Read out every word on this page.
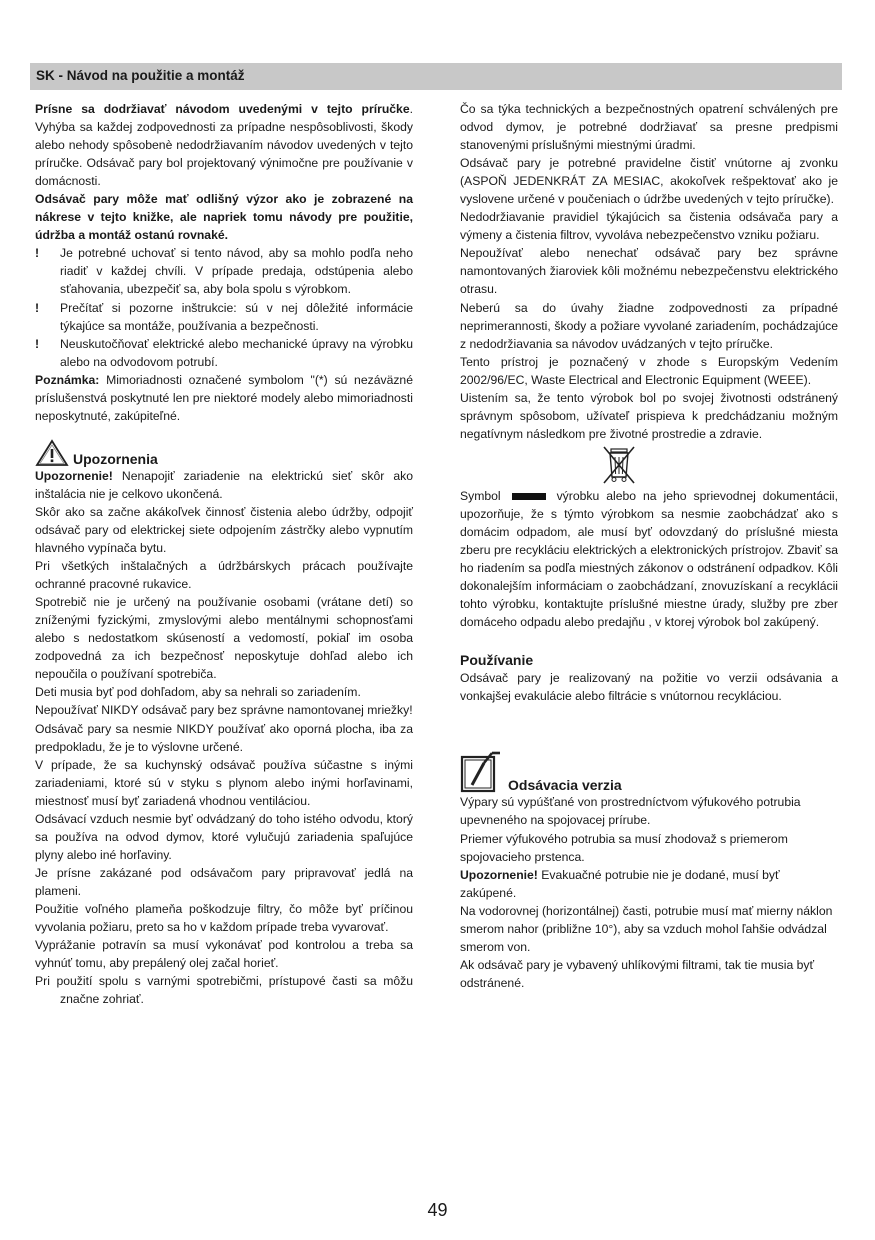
SK - Návod na použitie a montáž

Prísne sa dodržiavať návodom uvedenými v tejto príručke. Vyhýba sa každej zodpovednosti za prípadne nespôsoblivosti, škody alebo nehody spôsobenè nedodržiavaním návodov uvedených v tejto príručke. Odsávač pary bol projektovaný výnimočne pre používanie v domácnosti.

Odsávač pary môže mať odlišný výzor ako je zobrazené na nákrese v tejto knižke, ale napriek tomu návody pre použitie, údržba a montáž ostanú rovnaké.

!	Je potrebné uchovať si tento návod, aby sa mohlo podľa neho riadiť v každej chvíli. V prípade predaja, odstúpenia alebo sťahovania, ubezpečiť sa, aby bola spolu s výrobkom.
!	Prečítať si pozorne inštrukcie: sú v nej dôležité informácie týkajúce sa montáže, používania a bezpečnosti.
!	Neuskutočňovať elektrické alebo mechanické úpravy na výrobku alebo na odvodovom potrubí.

Poznámka: Mimoriadnosti označené symbolom "(*) sú nezáväzné príslušenstvá poskytnuté len pre niektoré modely alebo mimoriadnosti neposkytnuté, zakúpiteľné.

Upozornenia

Upozornenie! Nenapojiť zariadenie na elektrickú sieť skôr ako inštalácia nie je celkovo ukončená.

Skôr ako sa začne akákoľvek činnosť čistenia alebo údržby, odpojiť odsávač pary od elektrickej siete odpojením zástrčky alebo vypnutím hlavného vypínača bytu.

Pri všetkých inštalačných a údržbárskych prácach používajte ochranné pracovné rukavice.

Spotrebič nie je určený na používanie osobami (vrátane detí) so zníženými fyzickými, zmyslovými alebo mentálnymi schopnosťami alebo s nedostatkom skúseností a vedomostí, pokiaľ im osoba zodpovedná za ich bezpečnosť neposkytuje dohľad alebo ich nepoučila o používaní spotrebiča.

Deti musia byť pod dohľadom, aby sa nehrali so zariadením.

Nepoužívať NIKDY odsávač pary bez správne namontovanej mriežky!

Odsávač pary sa nesmie NIKDY používať ako oporná plocha, iba za predpokladu, že je to výslovne určené.

V prípade, že sa kuchynský odsávač používa súčastne s inými zariadeniami, ktoré sú v styku s plynom alebo inými horľavinami, miestnosť musí byť zariadená vhodnou ventiláciou.

Odsávací vzduch nesmie byť odvádzaný do toho istého odvodu, ktorý sa používa na odvod dymov, ktoré vylučujú zariadenia spaľujúce plyny alebo iné horľaviny.

Je prísne zakázané pod odsávačom pary pripravovať jedlá na plameni.

Použitie voľného plameňa poškodzuje filtry, čo môže byť príčinou vyvolania požiaru, preto sa ho v každom prípade treba vyvarovať.

Vyprážanie potravín sa musí vykonávať pod kontrolou a treba sa vyhnúť tomu, aby prepálený olej začal horieť.

Pri použití spolu s varnými spotrebičmi, prístupové časti sa môžu značne zohriať.

Čo sa týka technických a bezpečnostných opatrení schválených pre odvod dymov, je potrebné dodržiavať sa presne predpismi stanovenými príslušnými miestnými úradmi.

Odsávač pary je potrebné pravidelne čistiť vnútorne aj zvonku (ASPOŇ JEDENKRÁT ZA MESIAC, akokoľvek rešpektovať ako je vyslovene určené v poučeniach o údržbe uvedených v tejto príručke).

Nedodržiavanie pravidiel týkajúcich sa čistenia odsávača pary a výmeny a čistenia filtrov, vyvoláva nebezpečenstvo vzniku požiaru.

Nepoužívať alebo nenechať odsávač pary bez správne namontovaných žiaroviek kôli možnému nebezpečenstvu elektrického otrasu.

Neberú sa do úvahy žiadne zodpovednosti za prípadné neprimerannosti, škody a požiare vyvolané zariadením, pochádzajúce z nedodržiavania sa návodov uvádzaných v tejto príručke.

Tento prístroj je poznačený v zhode s Europským Vedením 2002/96/EC, Waste Electrical and Electronic Equipment (WEEE).

Uistením sa, že tento výrobok bol po svojej životnosti odstránený správnym spôsobom, užívateľ prispieva k predchádzaniu možným negatívnym následkom pre životné prostredie a zdravie.

Symbol	výrobku alebo na jeho sprievodnej dokumentácii, upozorňuje, že s týmto výrobkom sa nesmie zaobchádzať ako s domácim odpadom, ale musí byť odovzdaný do príslušné miesta zberu pre recykláciu elektrických a elektronických prístrojov. Zbaviť sa ho riadením sa podľa miestných zákonov o odstránení odpadkov. Kôli dokonalejším informáciam o zaobchádzaní, znovuzískaní a recyklácii tohto výrobku, kontaktujte príslušné miestne úrady, služby pre zber domáceho odpadu alebo predajňu , v ktorej výrobok bol zakúpený.

Používanie

Odsávač pary je realizovaný na požitie vo verzii odsávania a vonkajšej evakulácie alebo filtrácie s vnútornou recykláciou.

Odsávacia verzia

Výpary sú vypúšťané von prostredníctvom výfukového potrubia upevneného na spojovacej prírube.

Priemer výfukového potrubia sa musí zhodovaž s priemerom spojovacieho prstenca.

Upozornenie! Evakuačné potrubie nie je dodané, musí byť zakúpené.

Na vodorovnej (horizontálnej) časti, potrubie musí mať mierny náklon smerom nahor (približne 10°), aby sa vzduch mohol ľahšie odvádzal smerom von.

Ak odsávač pary je vybavený uhlíkovými filtrami, tak tie musia byť odstránené.

49
